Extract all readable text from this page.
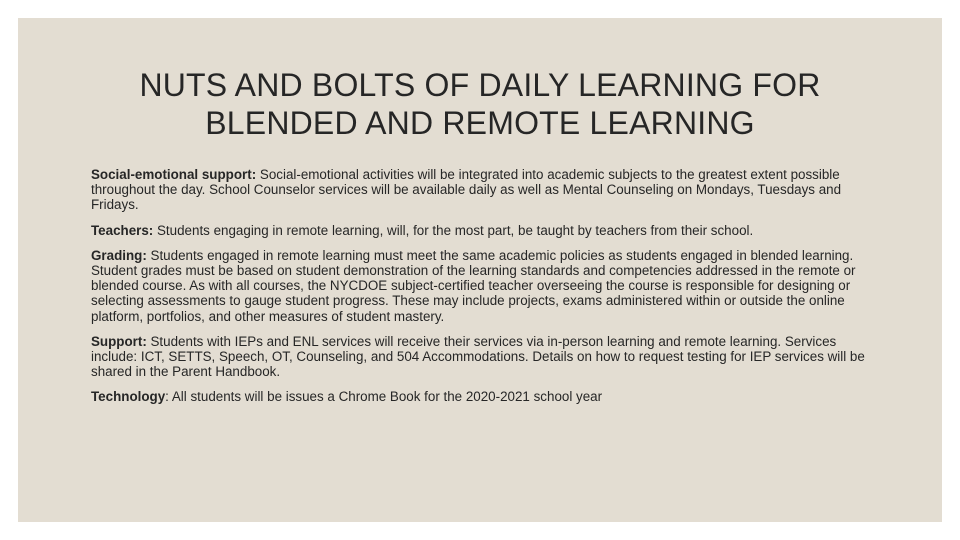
NUTS AND BOLTS OF DAILY LEARNING FOR
BLENDED AND REMOTE LEARNING

Social-emotional support: Social-emotional activities will be integrated into academic subjects to the greatest extent possible throughout the day. School Counselor services will be available daily as well as Mental Counseling on Mondays, Tuesdays and Fridays.

Teachers: Students engaging in remote learning, will, for the most part, be taught by teachers from their school.

Grading: Students engaged in remote learning must meet the same academic policies as students engaged in blended learning. Student grades must be based on student demonstration of the learning standards and competencies addressed in the remote or blended course. As with all courses, the NYCDOE subject-certified teacher overseeing the course is responsible for designing or selecting assessments to gauge student progress. These may include projects, exams administered within or outside the online platform, portfolios, and other measures of student mastery.

Support: Students with IEPs and ENL services will receive their services via in-person learning and remote learning. Services include: ICT, SETTS, Speech, OT, Counseling, and 504 Accommodations. Details on how to request testing for IEP services will be shared in the Parent Handbook.

Technology: All students will be issues a Chrome Book for the 2020-2021 school year
